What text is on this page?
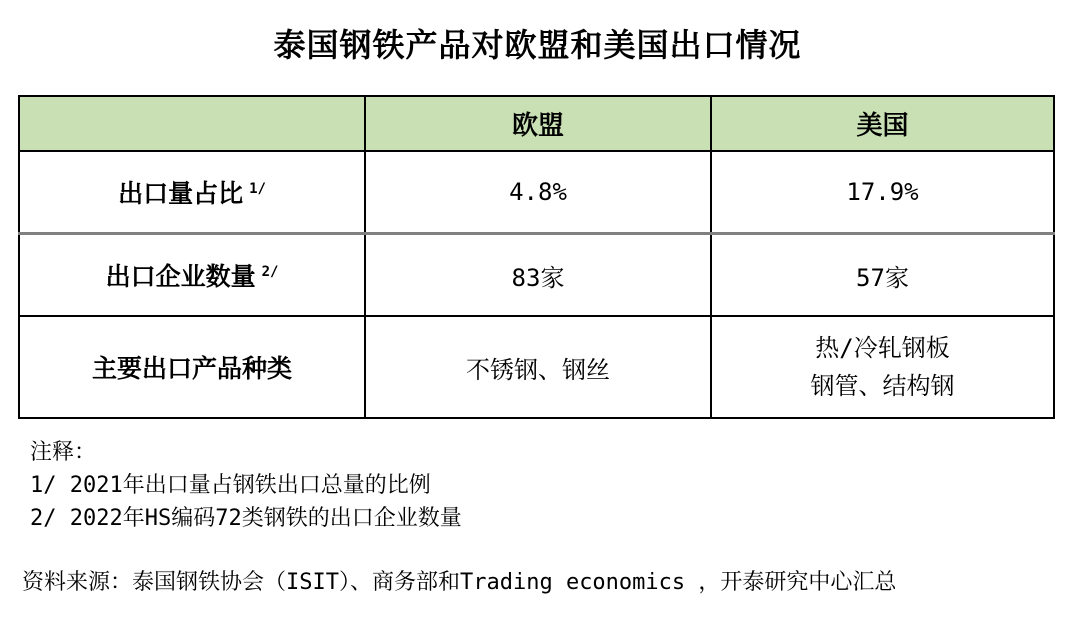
泰国钢铁产品对欧盟和美国出口情况
	欧盟	美国
出口量占比 $^{1/}$	4.8%	17.9%
出口企业数量 $^{2/}$	83家	57家
主要出口产品种类	不锈钢、钢丝	热/冷轧钢板
钢管、结构钢
注释：
1/ 2021年出口量占钢铁出口总量的比例
2/ 2022年HS编码72类钢铁的出口企业数量
资料来源：泰国钢铁协会（ISIT）、商务部和Trading economics ，开泰研究中心汇总
